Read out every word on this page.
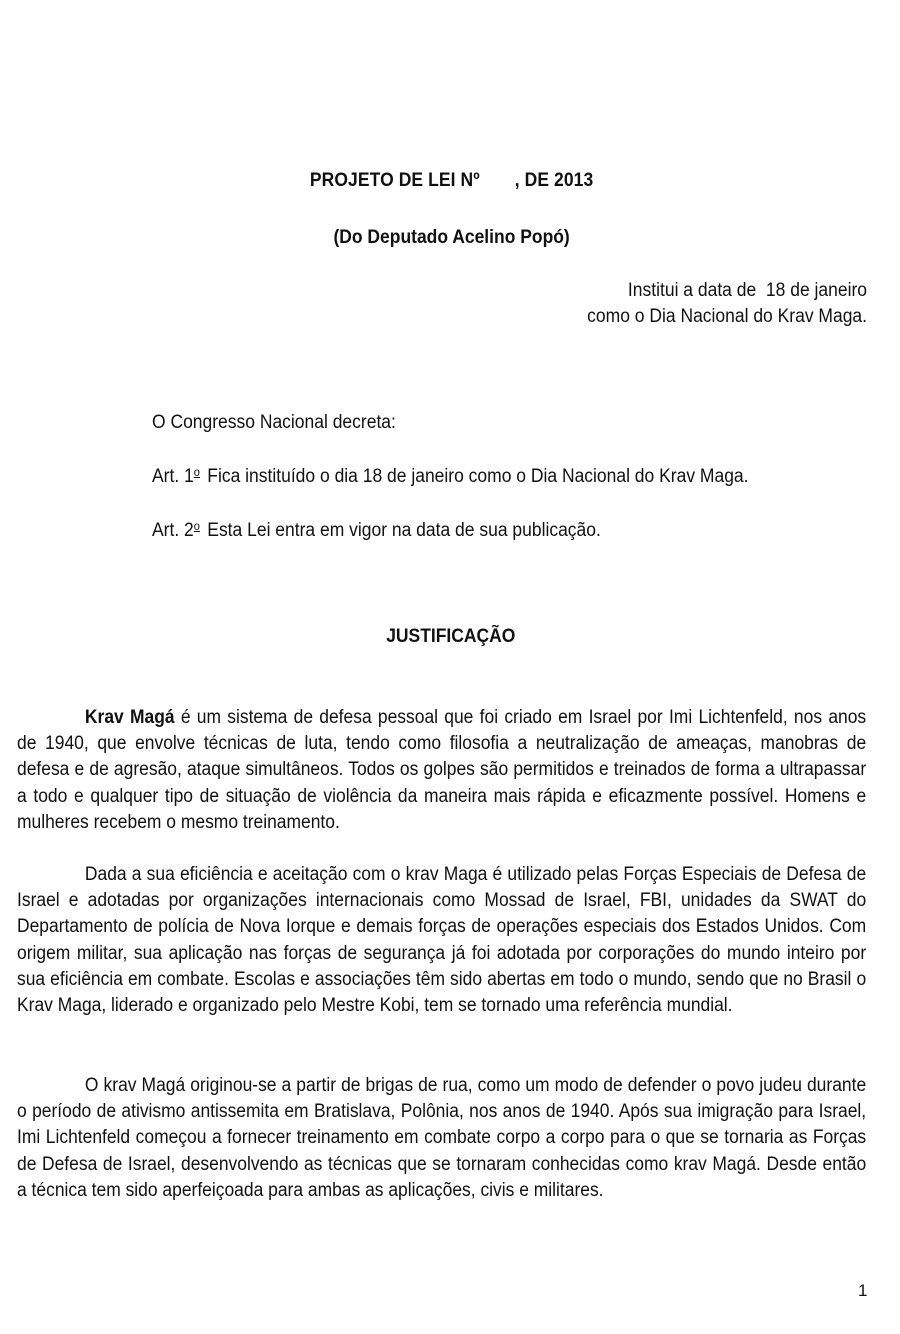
PROJETO DE LEI Nº , DE 2013
(Do Deputado Acelino Popó)
Institui a data de  18 de janeiro
como o Dia Nacional do Krav Maga.
O Congresso Nacional decreta:
Art. 1$^o$ Fica instituído o dia 18 de janeiro como o Dia Nacional do Krav Maga.
Art. 2$^o$ Esta Lei entra em vigor na data de sua publicação.
JUSTIFICAÇÃO
Krav Magá é um sistema de defesa pessoal que foi criado em Israel por Imi Lichtenfeld, nos anos de 1940, que envolve técnicas de luta, tendo como filosofia a neutralização de ameaças, manobras de defesa e de agresão, ataque simultâneos. Todos os golpes são permitidos e treinados de forma a ultrapassar a todo e qualquer tipo de situação de violência da maneira mais rápida e eficazmente possível. Homens e mulheres recebem o mesmo treinamento.
Dada a sua eficiência e aceitação com o krav Maga é utilizado pelas Forças Especiais de Defesa de Israel e adotadas por organizações internacionais como Mossad de Israel, FBI, unidades da SWAT do Departamento de polícia de Nova Iorque e demais forças de operações especiais dos Estados Unidos. Com origem militar, sua aplicação nas forças de segurança já foi adotada por corporações do mundo inteiro por sua eficiência em combate. Escolas e associações têm sido abertas em todo o mundo, sendo que no Brasil o Krav Maga, liderado e organizado pelo Mestre Kobi, tem se tornado uma referência mundial.
O krav Magá originou-se a partir de brigas de rua, como um modo de defender o povo judeu durante o período de ativismo antissemita em Bratislava, Polônia, nos anos de 1940. Após sua imigração para Israel, Imi Lichtenfeld começou a fornecer treinamento em combate corpo a corpo para o que se tornaria as Forças de Defesa de Israel, desenvolvendo as técnicas que se tornaram conhecidas como krav Magá. Desde então a técnica tem sido aperfeiçoada para ambas as aplicações, civis e militares.
1
